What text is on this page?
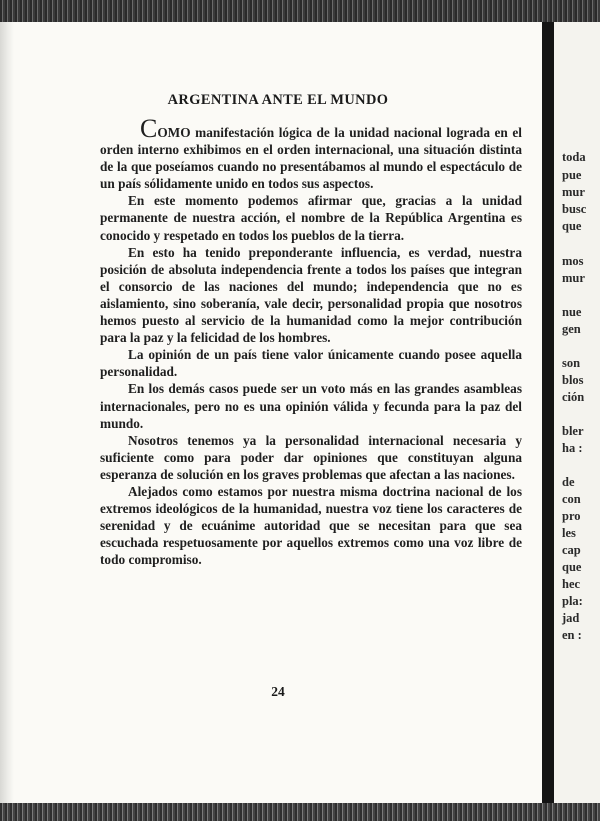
ARGENTINA ANTE EL MUNDO

COMO manifestación lógica de la unidad nacional lograda en el orden interno exhibimos en el orden internacional, una situación distinta de la que poseíamos cuando no presentábamos al mundo el espectáculo de un país sólidamente unido en todos sus aspectos.

En este momento podemos afirmar que, gracias a la unidad permanente de nuestra acción, el nombre de la República Argentina es conocido y respetado en todos los pueblos de la tierra.

En esto ha tenido preponderante influencia, es verdad, nuestra posición de absoluta independencia frente a todos los países que integran el consorcio de las naciones del mundo; independencia que no es aislamiento, sino soberanía, vale decir, personalidad propia que nosotros hemos puesto al servicio de la humanidad como la mejor contribución para la paz y la felicidad de los hombres.

La opinión de un país tiene valor únicamente cuando posee aquella personalidad.

En los demás casos puede ser un voto más en las grandes asambleas internacionales, pero no es una opinión válida y fecunda para la paz del mundo.

Nosotros tenemos ya la personalidad internacional necesaria y suficiente como para poder dar opiniones que constituyan alguna esperanza de solución en los graves problemas que afectan a las naciones.

Alejados como estamos por nuestra misma doctrina nacional de los extremos ideológicos de la humanidad, nuestra voz tiene los caracteres de serenidad y de ecuánime autoridad que se necesitan para que sea escuchada respetuosamente por aquellos extremos como una voz libre de todo compromiso.

24
toda
pue
mur
busc
que
mos
mur
nue
gen
son
blos
ción
bler
ha :
de
con
pro
les
cap
que
hec
pla:
jad
en :
